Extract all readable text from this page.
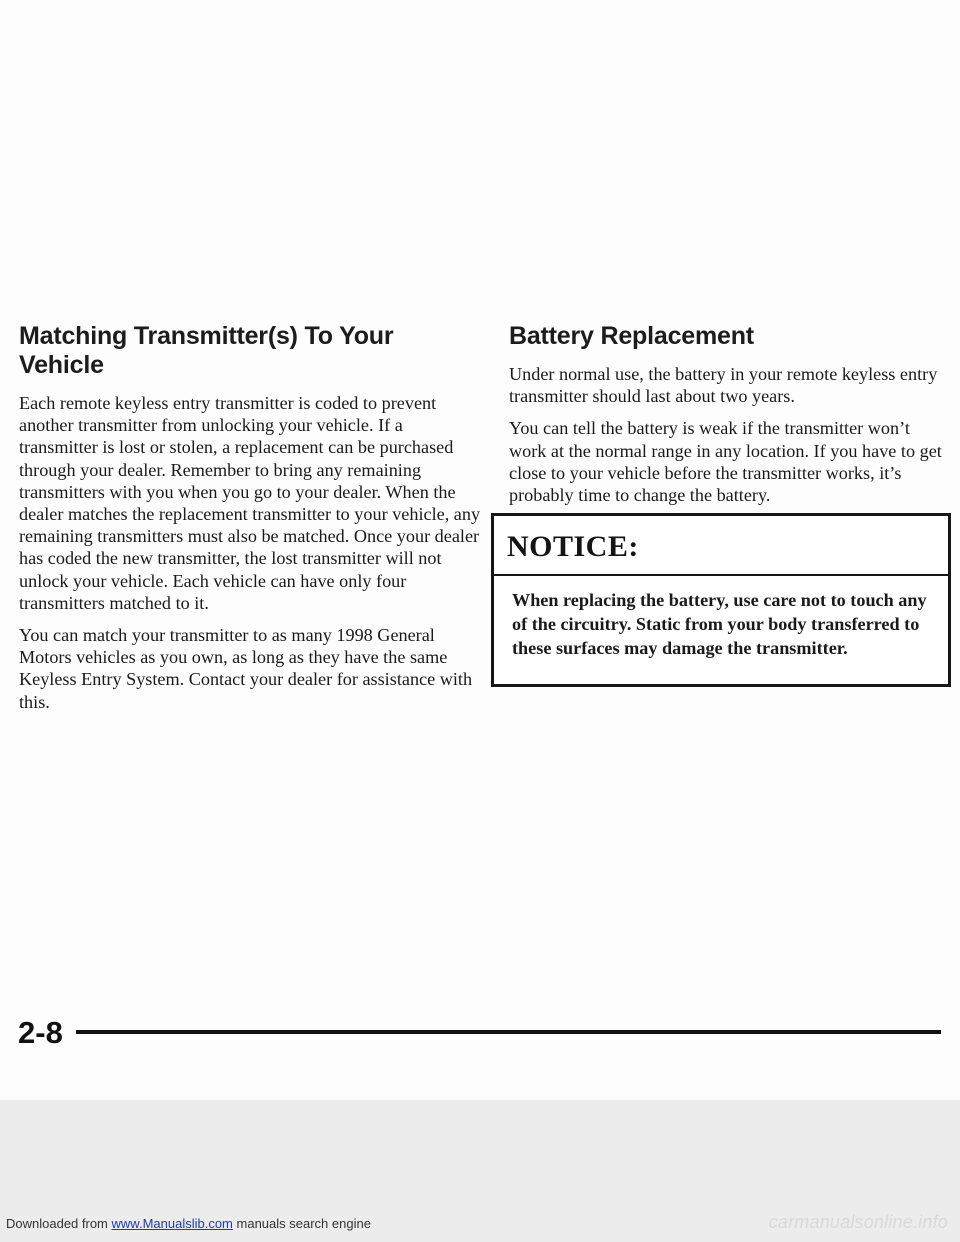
Matching Transmitter(s) To Your Vehicle

Each remote keyless entry transmitter is coded to prevent another transmitter from unlocking your vehicle. If a transmitter is lost or stolen, a replacement can be purchased through your dealer. Remember to bring any remaining transmitters with you when you go to your dealer. When the dealer matches the replacement transmitter to your vehicle, any remaining transmitters must also be matched. Once your dealer has coded the new transmitter, the lost transmitter will not unlock your vehicle. Each vehicle can have only four transmitters matched to it.

You can match your transmitter to as many 1998 General Motors vehicles as you own, as long as they have the same Keyless Entry System. Contact your dealer for assistance with this.

Battery Replacement

Under normal use, the battery in your remote keyless entry transmitter should last about two years.

You can tell the battery is weak if the transmitter won’t work at the normal range in any location. If you have to get close to your vehicle before the transmitter works, it’s probably time to change the battery.

NOTICE:
When replacing the battery, use care not to touch any of the circuitry. Static from your body transferred to these surfaces may damage the transmitter.
2-8
Downloaded from www.Manualslib.com manuals search engine	carmanualsonline.info
